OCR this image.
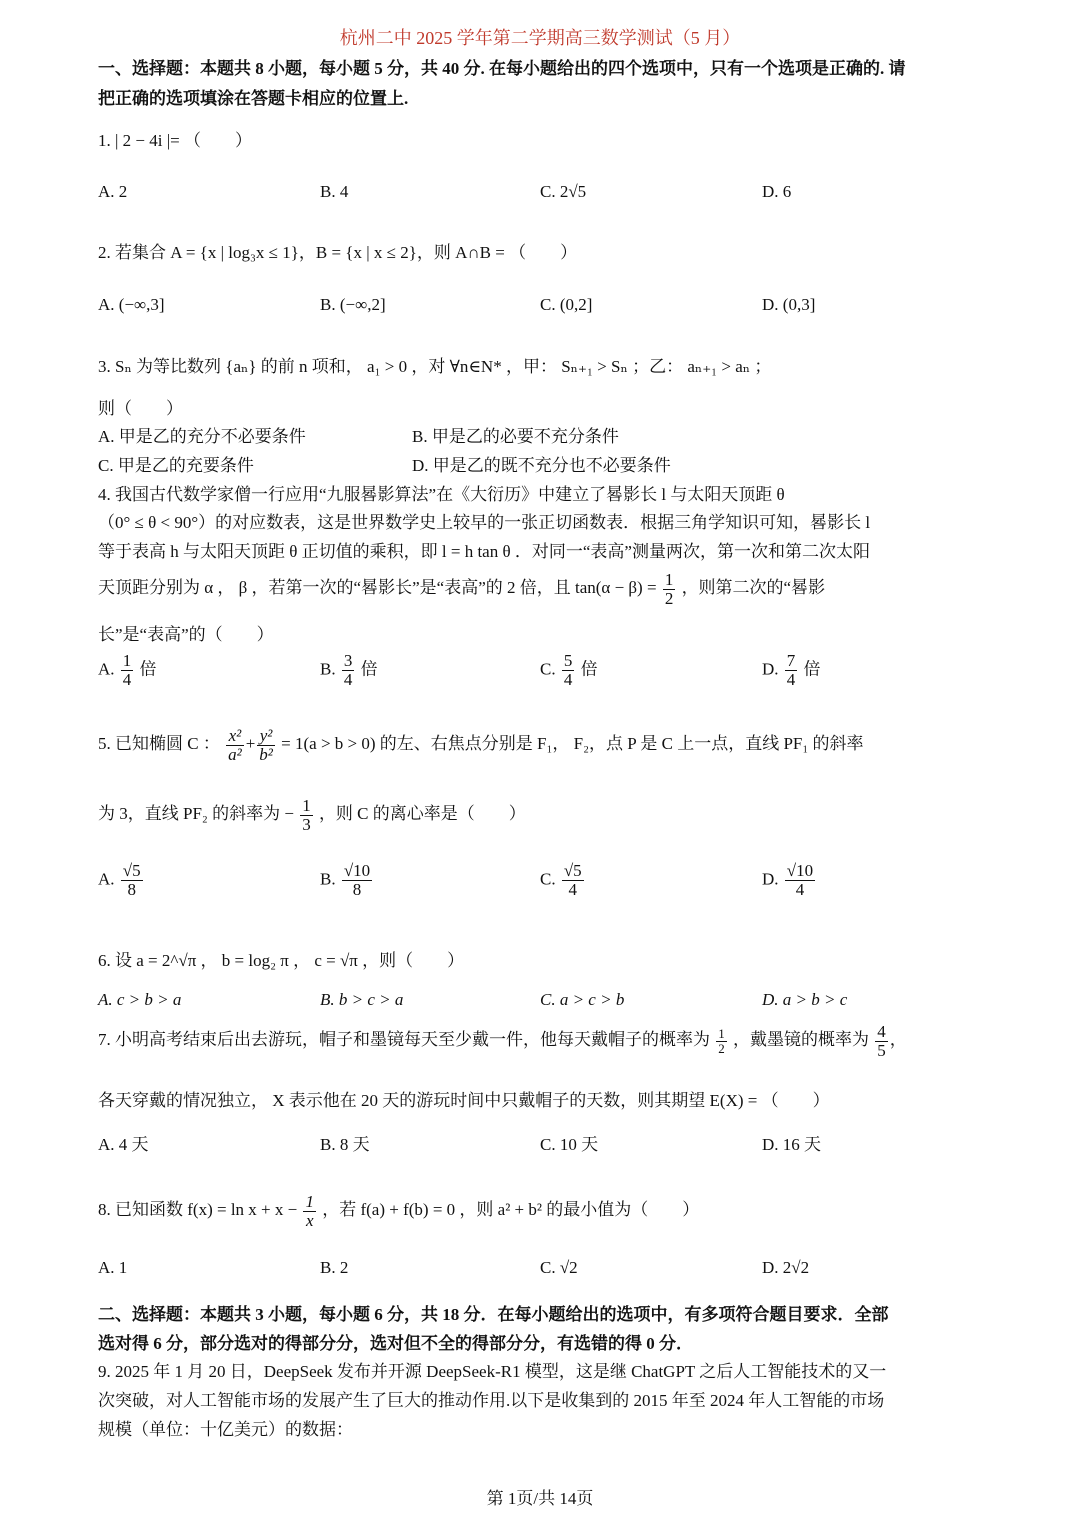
杭州二中 2025 学年第二学期高三数学测试（5 月）
一、选择题：本题共 8 小题，每小题 5 分，共 40 分. 在每小题给出的四个选项中，只有一个选项是正确的. 请
把正确的选项填涂在答题卡相应的位置上.
1. | 2 − 4i |= （　　）
A. 2	B. 4	C. 2√5	D. 6
2. 若集合 A = {x | log₃x ≤ 1}，B = {x | x ≤ 2}，则 A∩B = （　　）
A. (−∞,3]	B. (−∞,2]	C. (0,2]	D. (0,3]
3. Sₙ 为等比数列 {aₙ} 的前 n 项和， a₁ > 0 ，对 ∀n∈N* ，甲： Sₙ₊₁ > Sₙ ；乙： aₙ₊₁ > aₙ ；
则（　　）
A. 甲是乙的充分不必要条件	B. 甲是乙的必要不充分条件
C. 甲是乙的充要条件	D. 甲是乙的既不充分也不必要条件
4. 我国古代数学家僧一行应用“九服晷影算法”在《大衍历》中建立了晷影长 l 与太阳天顶距 θ
（0° ≤ θ < 90°）的对应数表，这是世界数学史上较早的一张正切函数表．根据三角学知识可知，晷影长 l
等于表高 h 与太阳天顶距 θ 正切值的乘积，即 l = h tan θ ．对同一“表高”测量两次，第一次和第二次太阳
天顶距分别为 α ， β ，若第一次的“晷影长”是“表高”的 2 倍，且 $\tan(\alpha - \beta) = \frac{1}{2}$ ，则第二次的“晷影
长”是“表高”的（　　）
A. $\frac{1}{4}$ 倍	B. $\frac{3}{4}$ 倍	C. $\frac{5}{4}$ 倍	D. $\frac{7}{4}$ 倍
5. 已知椭圆 C ： $\frac{\text{x²}}{\text{a²}} + \frac{\text{y²}}{\text{b²}} = 1(a > b > 0)$ 的左、右焦点分别是 F₁， F₂，点 P 是 C 上一点，直线 PF₁ 的斜率
为 3，直线 PF₂ 的斜率为 − $\frac{1}{3}$ ，则 C 的离心率是（　　）
A. $\frac{√5}{8}$	B. $\frac{√10}{8}$	C. $\frac{√5}{4}$	D. $\frac{√10}{4}$
6. 设 a = 2^√π ， b = log₂ π ， c = √π ，则（　　）
A. c > b > a	B. b > c > a	C. a > c > b	D. a > b > c
7. 小明高考结束后出去游玩，帽子和墨镜每天至少戴一件，他每天戴帽子的概率为 $\frac{1}{2}$ ，戴墨镜的概率为 $\frac{4}{5}$ ，
各天穿戴的情况独立， X 表示他在 20 天的游玩时间中只戴帽子的天数，则其期望 E(X) = （　　）
A. 4 天	B. 8 天	C. 10 天	D. 16 天
8. 已知函数 $f(x) = \ln x + x - \frac{1}{x}$ ，若 f(a) + f(b) = 0 ，则 a² + b² 的最小值为（　　）
A. 1	B. 2	C. √2	D. 2√2
二、选择题：本题共 3 小题，每小题 6 分，共 18 分．在每小题给出的选项中，有多项符合题目要求．全部
选对得 6 分，部分选对的得部分分，选对但不全的得部分分，有选错的得 0 分．
9. 2025 年 1 月 20 日，DeepSeek 发布并开源 DeepSeek-R1 模型，这是继 ChatGPT 之后人工智能技术的又一
次突破，对人工智能市场的发展产生了巨大的推动作用.以下是收集到的 2015 年至 2024 年人工智能的市场
规模（单位：十亿美元）的数据：
第 1页/共 14页
